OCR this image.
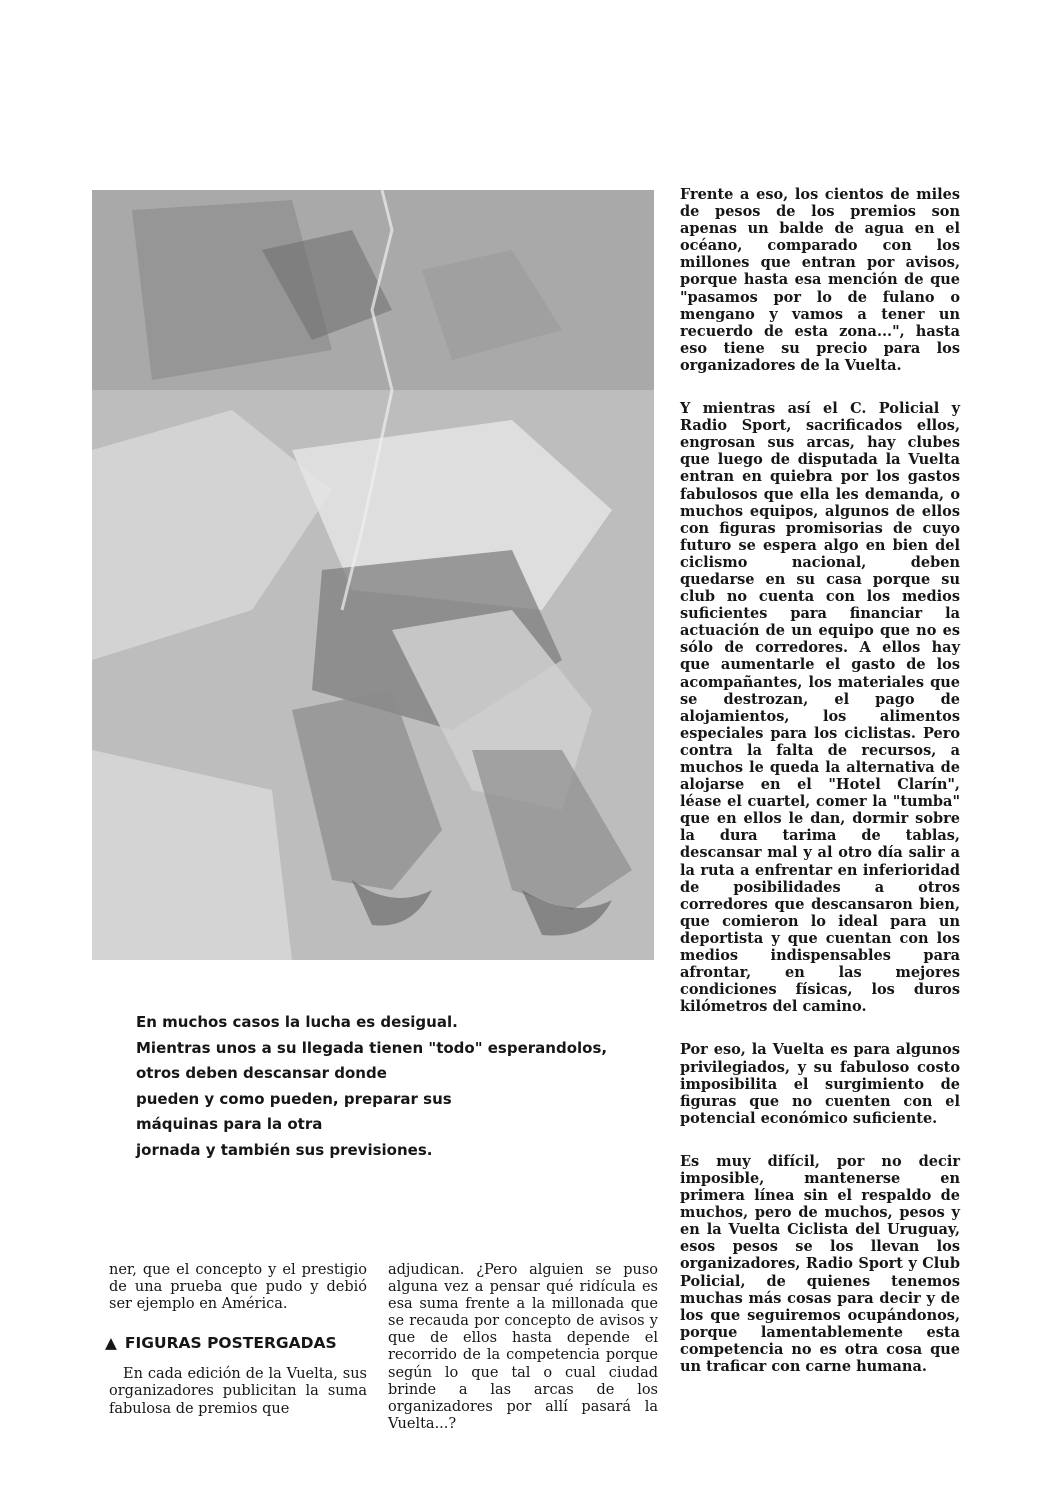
Frente a eso, los cientos de miles de pesos de los premios son apenas un balde de agua en el océano, comparado con los millones que entran por avisos, porque hasta esa mención de que "pasamos por lo de fulano o mengano y vamos a tener un recuerdo de esta zona...", hasta eso tiene su precio para los organizadores de la Vuelta.

Y mientras así el C. Policial y Radio Sport, sacrificados ellos, engrosan sus arcas, hay clubes que luego de disputada la Vuelta entran en quiebra por los gastos fabulosos que ella les demanda, o muchos equipos, algunos de ellos con figuras promisorias de cuyo futuro se espera algo en bien del ciclismo nacional, deben quedarse en su casa porque su club no cuenta con los medios suficientes para financiar la actuación de un equipo que no es sólo de corredores. A ellos hay que aumentarle el gasto de los acompañantes, los materiales que se destrozan, el pago de alojamientos, los alimentos especiales para los ciclistas. Pero contra la falta de recursos, a muchos le queda la alternativa de alojarse en el "Hotel Clarín", léase el cuartel, comer la "tumba" que en ellos le dan, dormir sobre la dura tarima de tablas, descansar mal y al otro día salir a la ruta a enfrentar en inferioridad de posibilidades a otros corredores que descansaron bien, que comieron lo ideal para un deportista y que cuentan con los medios indispensables para afrontar, en las mejores condiciones físicas, los duros kilómetros del camino.

Por eso, la Vuelta es para algunos privilegiados, y su fabuloso costo imposibilita el surgimiento de figuras que no cuenten con el potencial económico suficiente.

Es muy difícil, por no decir imposible, mantenerse en primera línea sin el respaldo de muchos, pero de muchos, pesos y en la Vuelta Ciclista del Uruguay, esos pesos se los llevan los organizadores, Radio Sport y Club Policial, de quienes tenemos muchas más cosas para decir y de los que seguiremos ocupándonos, porque lamentablemente esta competencia no es otra cosa que un traficar con carne humana.

En muchos casos la lucha es desigual.
Mientras unos a su llegada tienen "todo" esperandolos,
otros deben descansar donde
pueden y como pueden, preparar sus
máquinas para la otra
jornada y también sus previsiones.

ner, que el concepto y el prestigio de una prueba que pudo y debió ser ejemplo en América.

▲ FIGURAS POSTERGADAS

En cada edición de la Vuelta, sus organizadores publicitan la suma fabulosa de premios que

adjudican. ¿Pero alguien se puso alguna vez a pensar qué ridícula es esa suma frente a la millonada que se recauda por concepto de avisos y que de ellos hasta depende el recorrido de la competencia porque según lo que tal o cual ciudad brinde a las arcas de los organizadores por allí pasará la Vuelta...?
